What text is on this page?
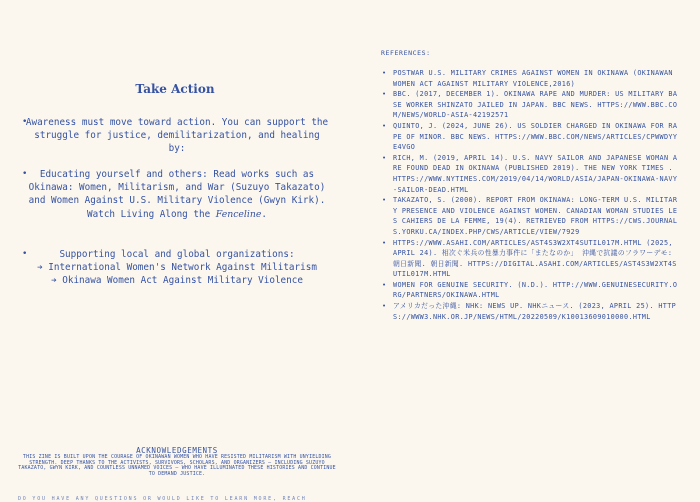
Take Action
•
Awareness must move toward action. You can support the struggle for justice, demilitarization, and healing by:
• Educating yourself and others: Read works such as Okinawa: Women, Militarism, and War (Suzuyo Takazato) and Women Against U.S. Military Violence (Gwyn Kirk).
Watch Living Along the Fenceline.
•	Supporting local and global organizations:
➔ International Women's Network Against Militarism
➔ Okinawa Women Act Against Military Violence
ACKNOWLEDGEMENTS
THIS ZINE IS BUILT UPON THE COURAGE OF OKINAWAN WOMEN WHO HAVE RESISTED MILITARISM WITH UNYIELDING STRENGTH. DEEP THANKS TO THE ACTIVISTS, SURVIVORS, SCHOLARS, AND ORGANIZERS — INCLUDING SUZUYO TAKAZATO, GWYN KIRK, AND COUNTLESS UNNAMED VOICES — WHO HAVE ILLUMINATED THESE HISTORIES AND CONTINUE TO DEMAND JUSTICE.
DO YOU HAVE ANY QUESTIONS OR WOULD LIKE TO LEARN MORE, REACH
REFERENCES:
• POSTWAR U.S. MILITARY CRIMES AGAINST WOMEN IN OKINAWA (OKINAWAN WOMEN ACT AGAINST MILITARY VIOLENCE,2016)
• BBC. (2017, DECEMBER 1). OKINAWA RAPE AND MURDER: US MILITARY BASE WORKER SHINZATO JAILED IN JAPAN. BBC NEWS. HTTPS://WWW.BBC.COM/NEWS/WORLD-ASIA-42192571
• QUINTO, J. (2024, JUNE 26). US SOLDIER CHARGED IN OKINAWA FOR RAPE OF MINOR. BBC NEWS. HTTPS://WWW.BBC.COM/NEWS/ARTICLES/CPWWDYYE4VGO
• RICH, M. (2019, APRIL 14). U.S. NAVY SAILOR AND JAPANESE WOMAN ARE FOUND DEAD IN OKINAWA (PUBLISHED 2019). THE NEW YORK TIMES . HTTPS://WWW.NYTIMES.COM/2019/04/14/WORLD/ASIA/JAPAN-OKINAWA-NAVY-SAILOR-DEAD.HTML
• TAKAZATO, S. (2000). REPORT FROM OKINAWA: LONG-TERM U.S. MILITARY PRESENCE AND VIOLENCE AGAINST WOMEN. CANADIAN WOMAN STUDIES LES CAHIERS DE LA FEMME, 19(4). RETRIEVED FROM HTTPS://CWS.JOURNALS.YORKU.CA/INDEX.PHP/CWS/ARTICLE/VIEW/7929
• HTTPS://WWW.ASAHI.COM/ARTICLES/AST4S3W2XT4SUTIL017M.HTML (2025, APRIL 24). 相次ぐ米兵の性暴力事件に「またなのか」 沖縄で抗議のフラワーデモ: 朝日新聞. 朝日新聞. HTTPS://DIGITAL.ASAHI.COM/ARTICLES/AST4S3W2XT4SUTIL017M.HTML
• WOMEN FOR GENUINE SECURITY. (N.D.). HTTP://WWW.GENUINESECURITY.ORG/PARTNERS/OKINAWA.HTML
• アメリカだった沖縄: NHK: NEWS UP. NHKニュース. (2023, APRIL 25). HTTPS://WWW3.NHK.OR.JP/NEWS/HTML/20220509/K10013609010000.HTML
